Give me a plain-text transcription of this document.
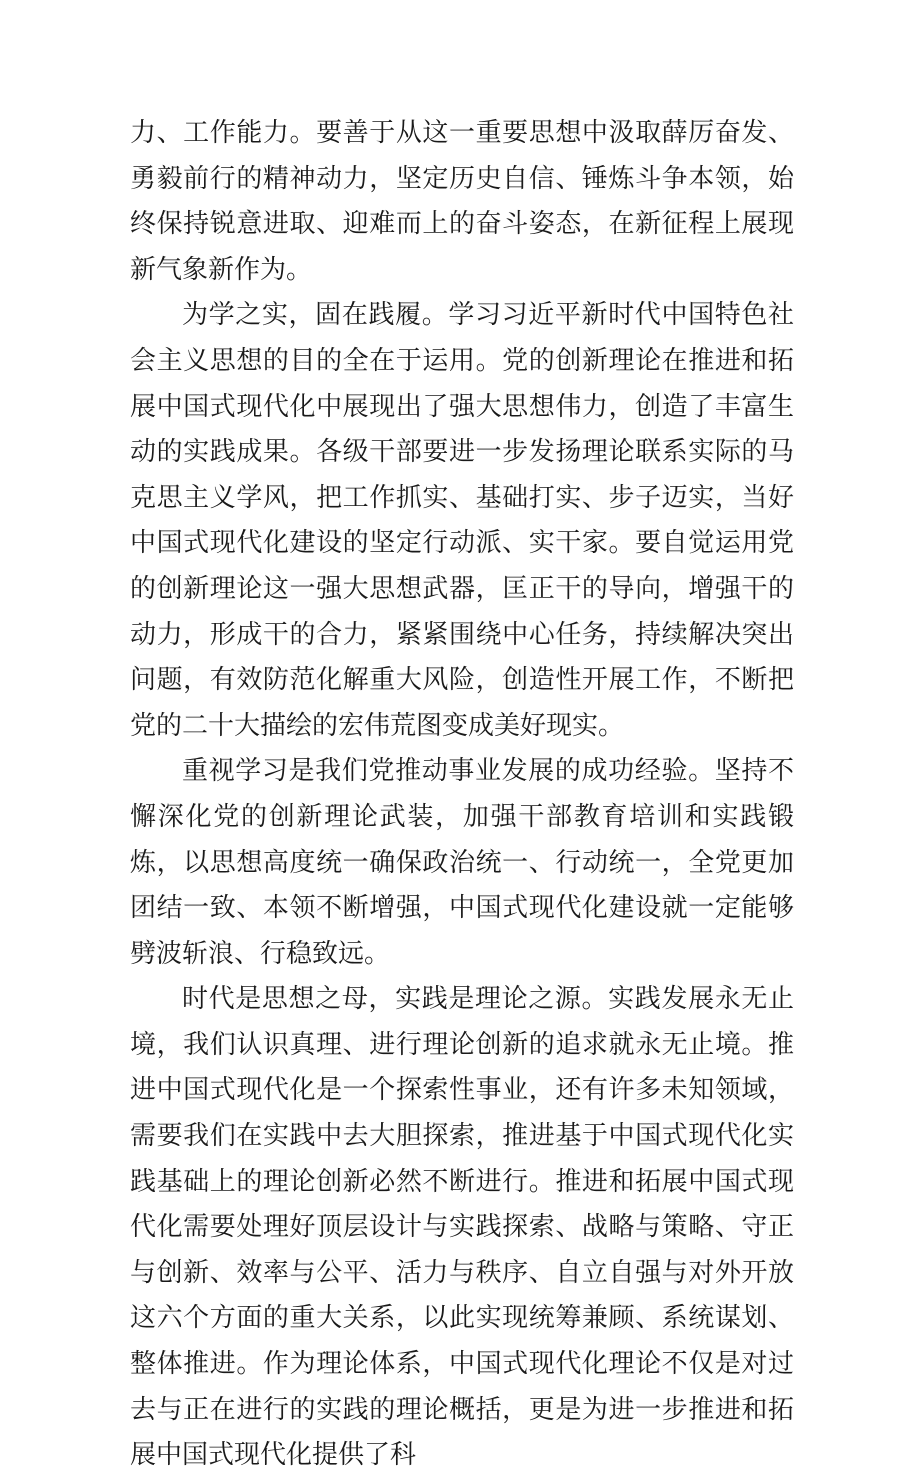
力、工作能力。要善于从这一重要思想中汲取薛厉奋发、勇毅前行的精神动力，坚定历史自信、锤炼斗争本领，始终保持锐意进取、迎难而上的奋斗姿态，在新征程上展现新气象新作为。

为学之实，固在践履。学习习近平新时代中国特色社会主义思想的目的全在于运用。党的创新理论在推进和拓展中国式现代化中展现出了强大思想伟力，创造了丰富生动的实践成果。各级干部要进一步发扬理论联系实际的马克思主义学风，把工作抓实、基础打实、步子迈实，当好中国式现代化建设的坚定行动派、实干家。要自觉运用党的创新理论这一强大思想武器，匡正干的导向，增强干的动力，形成干的合力，紧紧围绕中心任务，持续解决突出问题，有效防范化解重大风险，创造性开展工作，不断把党的二十大描绘的宏伟荒图变成美好现实。

重视学习是我们党推动事业发展的成功经验。坚持不懈深化党的创新理论武装，加强干部教育培训和实践锻炼，以思想高度统一确保政治统一、行动统一，全党更加团结一致、本领不断增强，中国式现代化建设就一定能够劈波斩浪、行稳致远。

时代是思想之母，实践是理论之源。实践发展永无止境，我们认识真理、进行理论创新的追求就永无止境。推进中国式现代化是一个探索性事业，还有许多未知领域，需要我们在实践中去大胆探索，推进基于中国式现代化实践基础上的理论创新必然不断进行。推进和拓展中国式现代化需要处理好顶层设计与实践探索、战略与策略、守正与创新、效率与公平、活力与秩序、自立自强与对外开放这六个方面的重大关系，以此实现统筹兼顾、系统谋划、整体推进。作为理论体系，中国式现代化理论不仅是对过去与正在进行的实践的理论概括，更是为进一步推进和拓展中国式现代化提供了科
